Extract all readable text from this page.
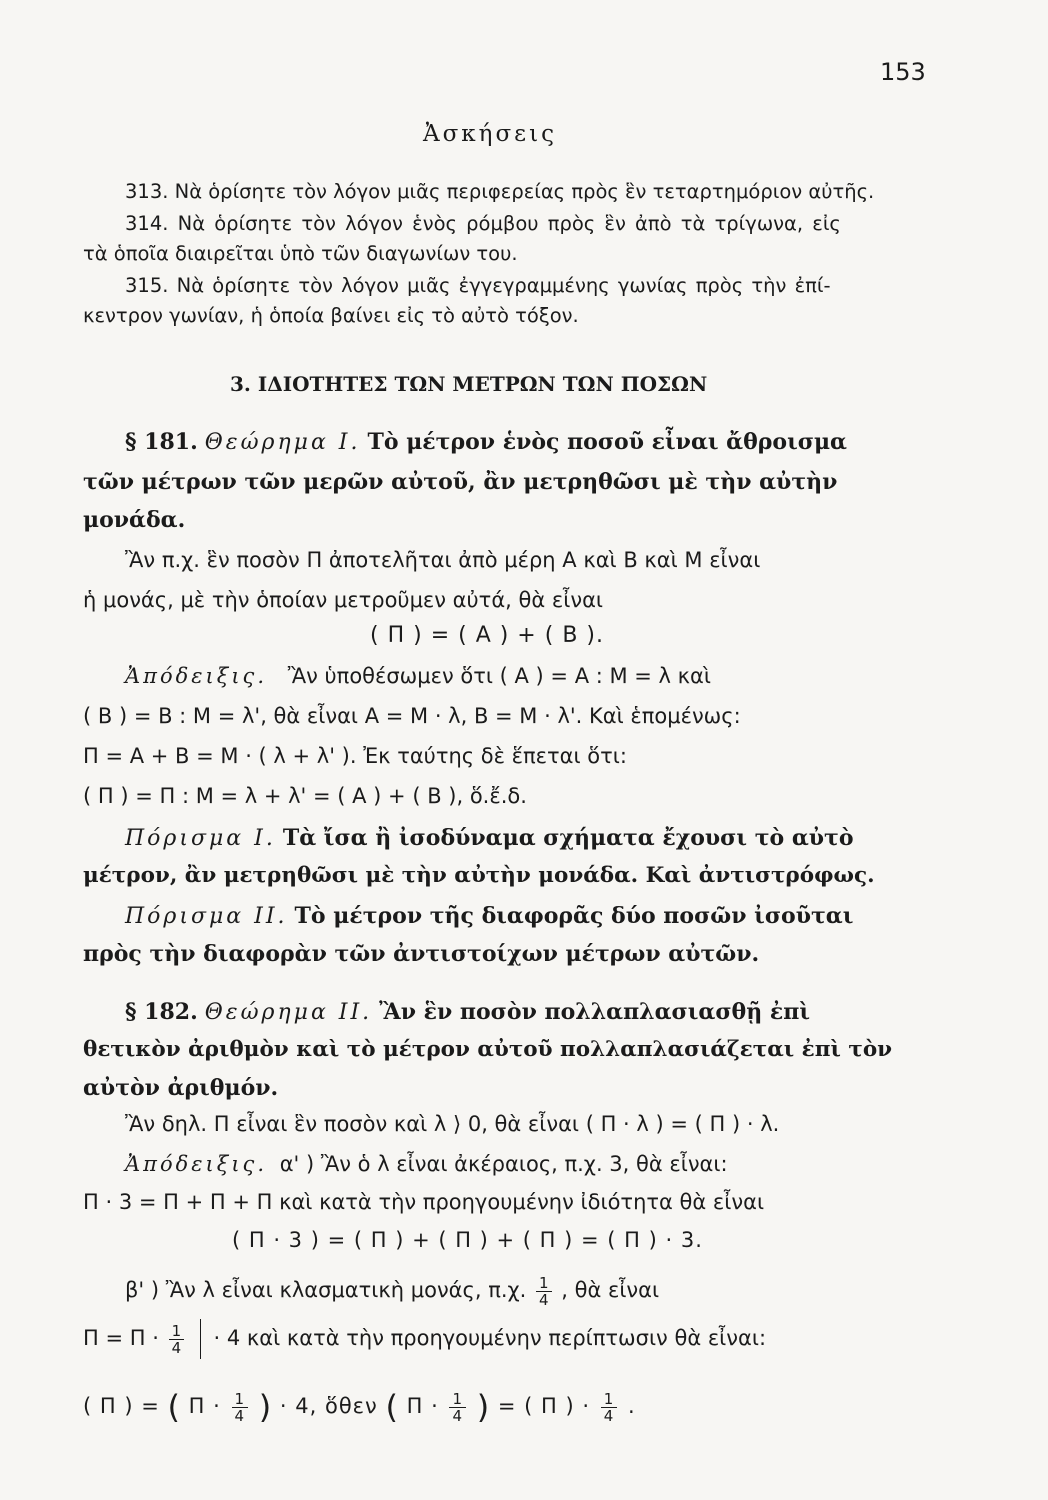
153
Ἀσκήσεις
313. Νὰ ὁρίσητε τὸν λόγον μιᾶς περιφερείας πρὸς ἓν τεταρτημόριον αὐτῆς.
314. Νὰ ὁρίσητε τὸν λόγον ἑνὸς ρόμβου πρὸς ἓν ἀπὸ τὰ τρίγωνα, εἰς
τὰ ὁποῖα διαιρεῖται ὑπὸ τῶν διαγωνίων του.
315. Νὰ ὁρίσητε τὸν λόγον μιᾶς ἐγγεγραμμένης γωνίας πρὸς τὴν ἐπί-
κεντρον γωνίαν, ἡ ὁποία βαίνει εἰς τὸ αὐτὸ τόξον.
3. ΙΔΙΟΤΗΤΕΣ ΤΩΝ ΜΕΤΡΩΝ ΤΩΝ ΠΟΣΩΝ
§ 181. Θεώρημα Ι. Τὸ μέτρον ἑνὸς ποσοῦ εἶναι ἄθροισμα
τῶν μέτρων τῶν μερῶν αὐτοῦ, ἂν μετρηθῶσι μὲ τὴν αὐτὴν
μονάδα.
Ἂν π.χ. ἓν ποσὸν Π ἀποτελῆται ἀπὸ μέρη Α καὶ Β καὶ Μ εἶναι
ἡ μονάς, μὲ τὴν ὁποίαν μετροῦμεν αὐτά, θὰ εἶναι
( Π ) = ( Α ) + ( Β ).
Ἀπόδειξις. Ἂν ὑποθέσωμεν ὅτι ( Α ) = Α : Μ = λ καὶ
( Β ) = Β : Μ = λ', θὰ εἶναι Α = Μ · λ, Β = Μ · λ'. Καὶ ἑπομένως:
Π = Α + Β = Μ · ( λ + λ' ). Ἐκ ταύτης δὲ ἕπεται ὅτι:
( Π ) = Π : Μ = λ + λ' = ( Α ) + ( Β ), ὅ.ἔ.δ.
Πόρισμα Ι. Τὰ ἴσα ἢ ἰσοδύναμα σχήματα ἔχουσι τὸ αὐτὸ
μέτρον, ἂν μετρηθῶσι μὲ τὴν αὐτὴν μονάδα. Καὶ ἀντιστρόφως.
Πόρισμα ΙΙ. Τὸ μέτρον τῆς διαφορᾶς δύο ποσῶν ἰσοῦται
πρὸς τὴν διαφορὰν τῶν ἀντιστοίχων μέτρων αὐτῶν.
§ 182. Θεώρημα ΙΙ. Ἂν ἓν ποσὸν πολλαπλασιασθῇ ἐπὶ
θετικὸν ἀριθμὸν καὶ τὸ μέτρον αὐτοῦ πολλαπλασιάζεται ἐπὶ τὸν
αὐτὸν ἀριθμόν.
Ἂν δηλ. Π εἶναι ἓν ποσὸν καὶ λ ⟩ 0, θὰ εἶναι ( Π · λ ) = ( Π ) · λ.
Ἀπόδειξις. α' ) Ἂν ὁ λ εἶναι ἀκέραιος, π.χ. 3, θὰ εἶναι:
Π · 3 = Π + Π + Π καὶ κατὰ τὴν προηγουμένην ἰδιότητα θὰ εἶναι
( Π · 3 ) = ( Π ) + ( Π ) + ( Π ) = ( Π ) · 3.
β' ) Ἂν λ εἶναι κλασματικὴ μονάς, π.χ. $\frac{1}{4}$ , θὰ εἶναι
$\Pi = \Pi \cdot \frac{1}{4} \cdot 4$ καὶ κατὰ τὴν προηγουμένην περίπτωσιν θὰ εἶναι:
( Π ) = ( $\Pi \cdot \frac{1}{4}$ ) · 4, ὅθεν ( $\Pi \cdot \frac{1}{4}$ ) = ( Π ) · $\frac{1}{4}$ .
